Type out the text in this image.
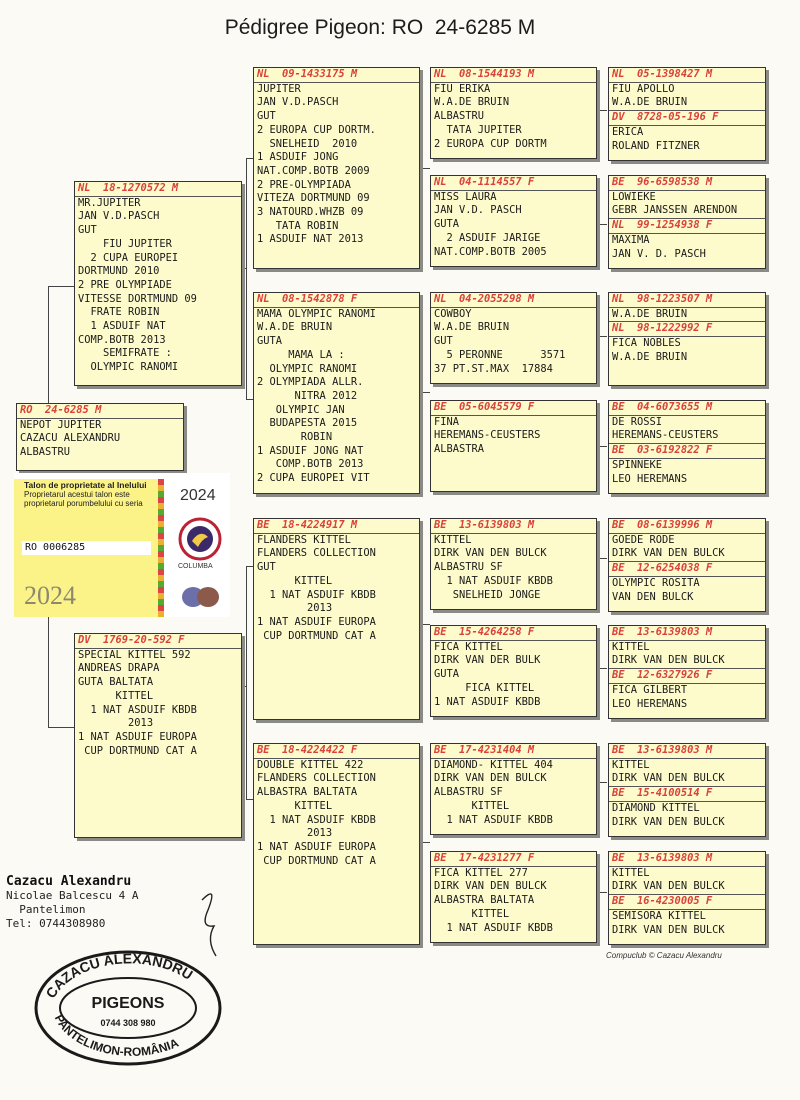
Pédigree Pigeon: RO  24-6285 M
RO  24-6285 M
NEPOT JUPITER
CAZACU ALEXANDRU
ALBASTRU
NL  18-1270572 M
MR.JUPITER
JAN V.D.PASCH
GUT
FIU JUPITER
2 CUPA EUROPEI
DORTMUND 2010
2 PRE OLYMPIADE
VITESSE DORTMUND 09
FRATE ROBIN
1 ASDUIF NAT
COMP.BOTB 2013
SEMIFRATE :
OLYMPIC RANOMI
DV  1769-20-592 F
SPECIAL KITTEL 592
ANDREAS DRAPA
GUTA BALTATA
KITTEL
1 NAT ASDUIF KBDB
2013
1 NAT ASDUIF EUROPA
CUP DORTMUND CAT A
NL  09-1433175 M
JUPITER
JAN V.D.PASCH
GUT
2 EUROPA CUP DORTM.
SNELHEID  2010
1 ASDUIF JONG
NAT.COMP.BOTB 2009
2 PRE-OLYMPIADA
VITEZA DORTMUND 09
3 NATOURD.WHZB 09
TATA ROBIN
1 ASDUIF NAT 2013
NL  08-1542878 F
MAMA OLYMPIC RANOMI
W.A.DE BRUIN
GUTA
MAMA LA :
OLYMPIC RANOMI
2 OLYMPIADA ALLR.
NITRA 2012
OLYMPIC JAN
BUDAPESTA 2015
ROBIN
1 ASDUIF JONG NAT
COMP.BOTB 2013
2 CUPA EUROPEI VIT
BE  18-4224917 M
FLANDERS KITTEL
FLANDERS COLLECTION
GUT
KITTEL
1 NAT ASDUIF KBDB
2013
1 NAT ASDUIF EUROPA
CUP DORTMUND CAT A
BE  18-4224422 F
DOUBLE KITTEL 422
FLANDERS COLLECTION
ALBASTRA BALTATA
KITTEL
1 NAT ASDUIF KBDB
2013
1 NAT ASDUIF EUROPA
CUP DORTMUND CAT A
NL  08-1544193 M
FIU ERIKA
W.A.DE BRUIN
ALBASTRU
TATA JUPITER
2 EUROPA CUP DORTM
NL  04-1114557 F
MISS LAURA
JAN V.D. PASCH
GUTA
2 ASDUIF JARIGE
NAT.COMP.BOTB 2005
NL  04-2055298 M
COWBOY
W.A.DE BRUIN
GUT
5 PERONNE      3571
37 PT.ST.MAX  17884
BE  05-6045579 F
FINA
HEREMANS-CEUSTERS
ALBASTRA
BE  13-6139803 M
KITTEL
DIRK VAN DEN BULCK
ALBASTRU SF
1 NAT ASDUIF KBDB
SNELHEID JONGE
BE  15-4264258 F
FICA KITTEL
DIRK VAN DER BULK
GUTA
FICA KITTEL
1 NAT ASDUIF KBDB
BE  17-4231404 M
DIAMOND- KITTEL 404
DIRK VAN DEN BULCK
ALBASTRU SF
KITTEL
1 NAT ASDUIF KBDB
BE  17-4231277 F
FICA KITTEL 277
DIRK VAN DEN BULCK
ALBASTRA BALTATA
KITTEL
1 NAT ASDUIF KBDB
NL  05-1398427 M
FIU APOLLO
W.A.DE BRUIN
DV  8728-05-196 F
ERICA
ROLAND FITZNER
BE  96-6598538 M
LOWIEKE
GEBR JANSSEN ARENDON
NL  99-1254938 F
MAXIMA
JAN V. D. PASCH
NL  98-1223507 M
W.A.DE BRUIN
NL  98-1222992 F
FICA NOBLES
W.A.DE BRUIN
BE  04-6073655 M
DE ROSSI
HEREMANS-CEUSTERS
BE  03-6192822 F
SPINNEKE
LEO HEREMANS
BE  08-6139996 M
GOEDE RODE
DIRK VAN DEN BULCK
BE  12-6254038 F
OLYMPIC ROSITA
VAN DEN BULCK
BE  13-6139803 M
KITTEL
DIRK VAN DEN BULCK
BE  12-6327926 F
FICA GILBERT
LEO HEREMANS
BE  13-6139803 M
KITTEL
DIRK VAN DEN BULCK
BE  15-4100514 F
DIAMOND KITTEL
DIRK VAN DEN BULCK
BE  13-6139803 M
KITTEL
DIRK VAN DEN BULCK
BE  16-4230005 F
SEMISORA KITTEL
DIRK VAN DEN BULCK
Talon de proprietate al Inelului
Proprietarul acestui talon este
proprietarul porumbelului cu seria
RO 0006285
2024
2024
COLUMBA
Cazacu Alexandru
Nicolae Balcescu 4 A
Pantelimon
Tel: 0744308980
Compuclub © Cazacu Alexandru
CAZACU ALEXANDRU
PIGEONS
0744 308 980
PANTELIMON-ROMÂNIA
